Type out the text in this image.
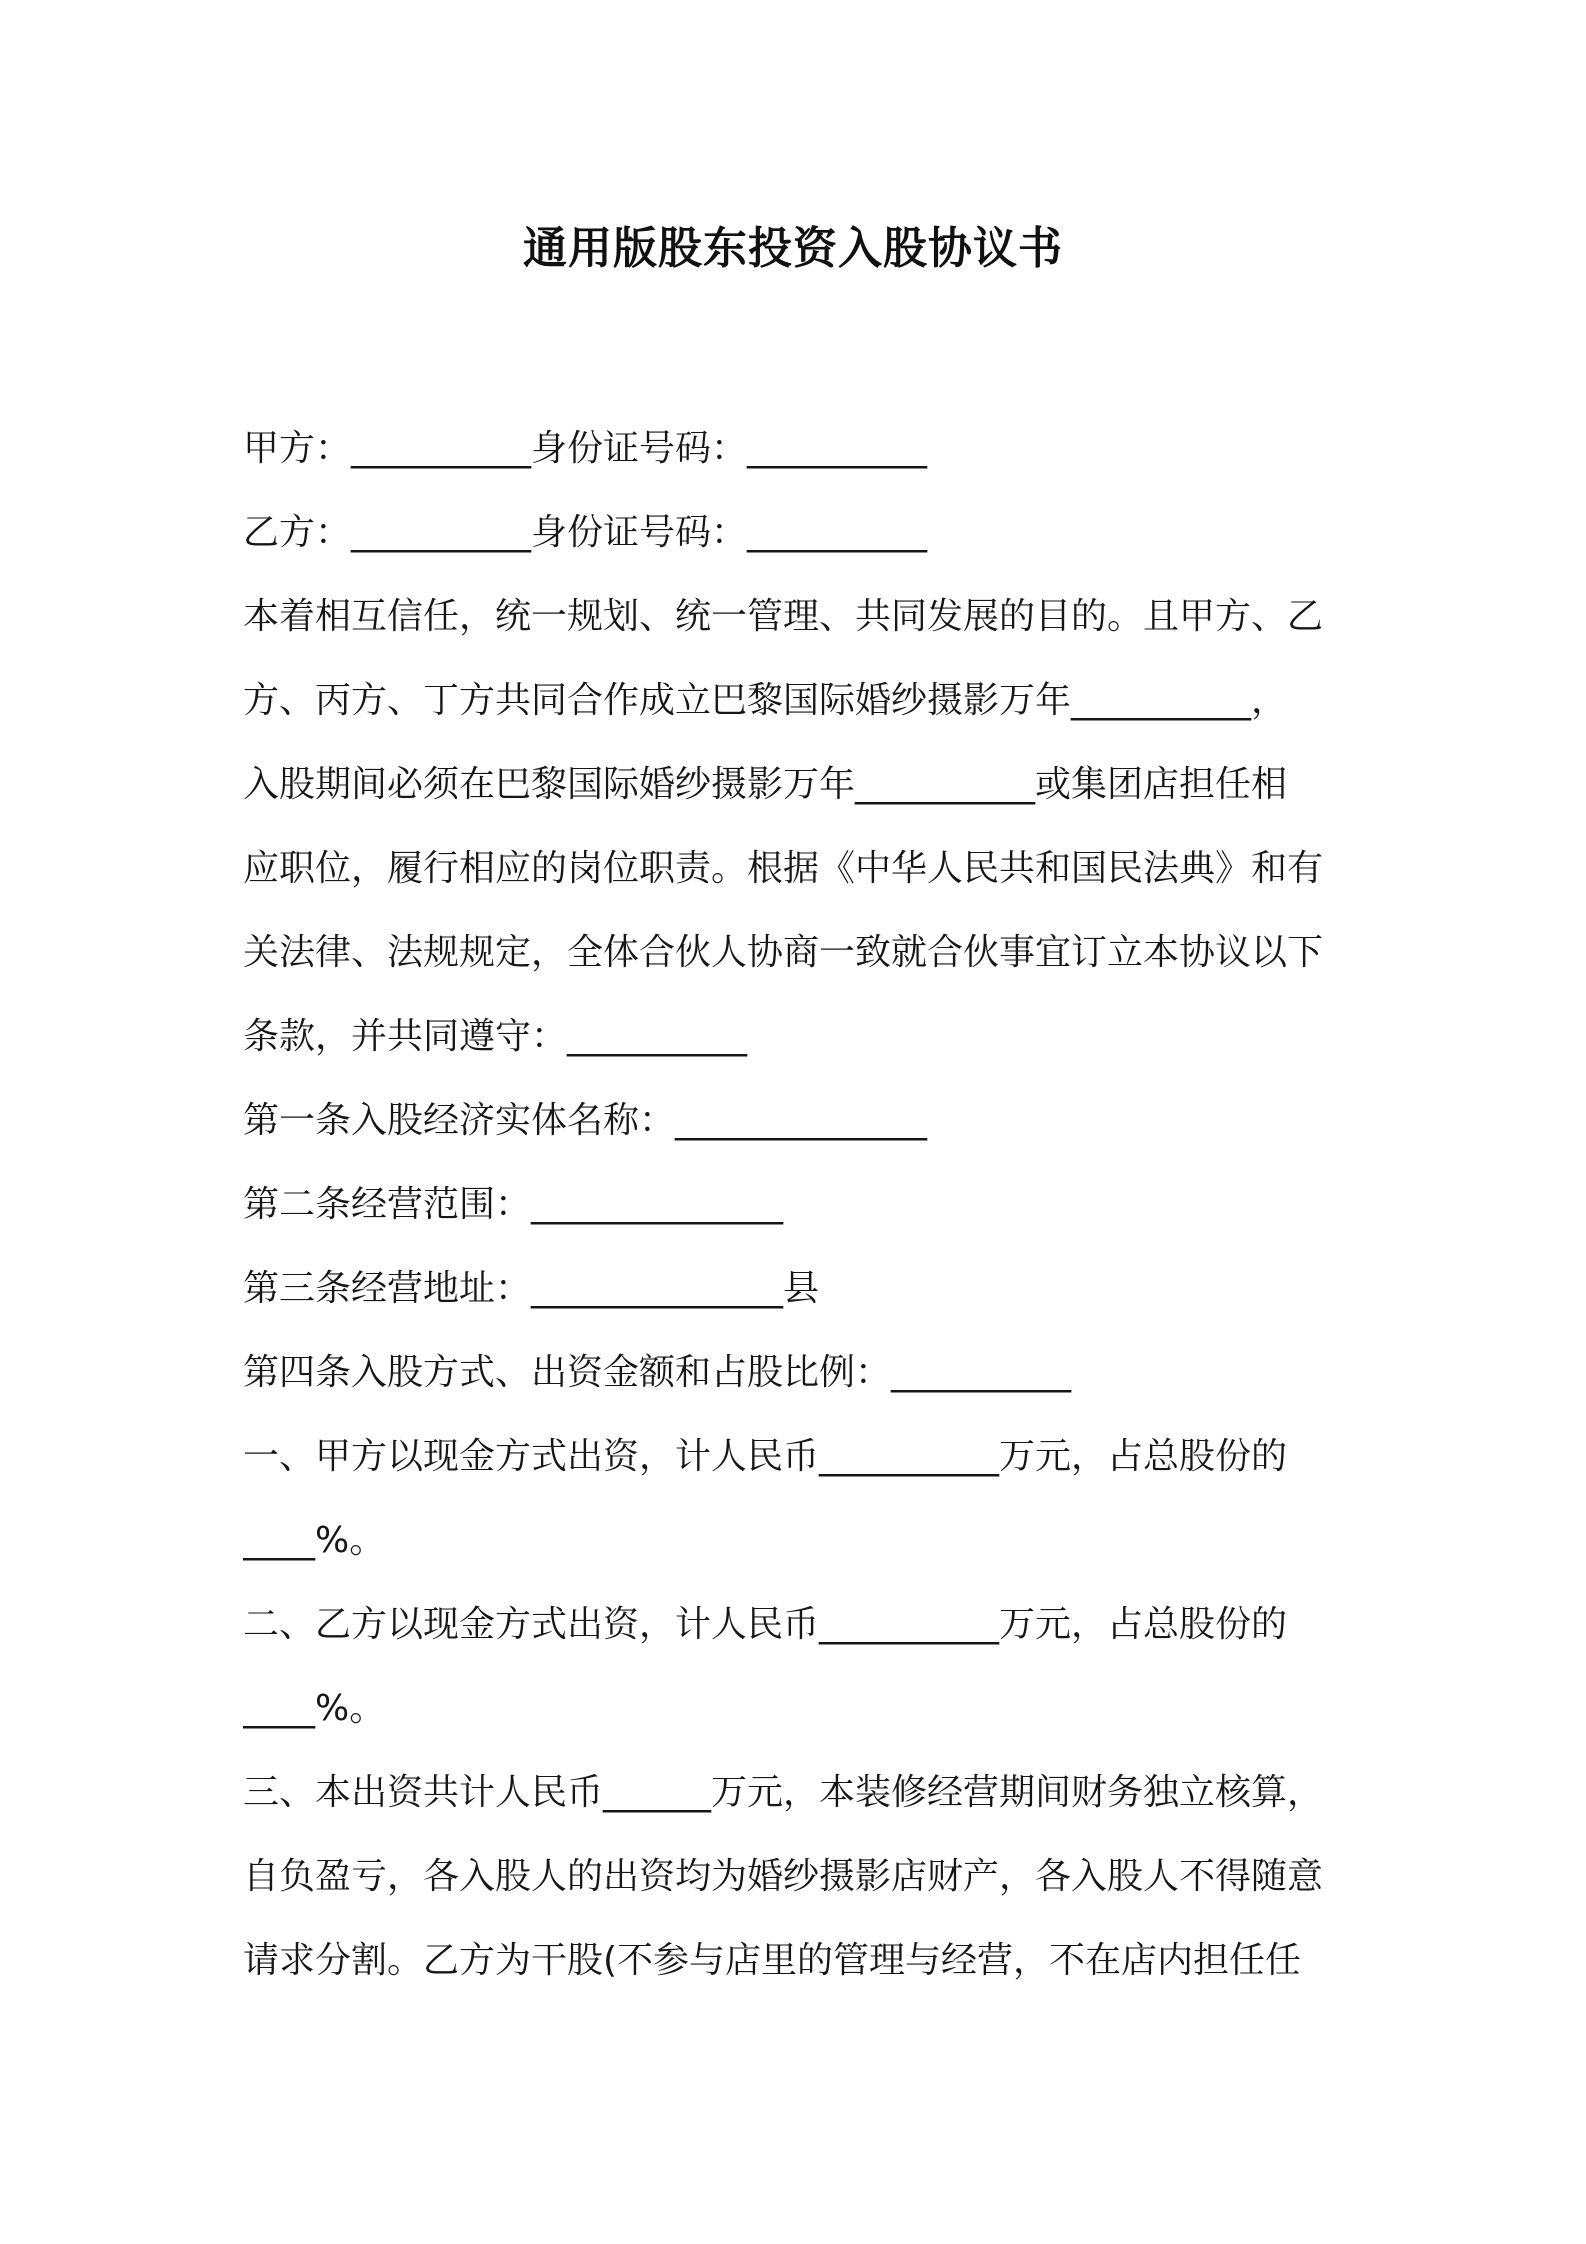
通用版股东投资入股协议书
甲方：__________身份证号码：__________
乙方：__________身份证号码：__________
本着相互信任，统一规划、统一管理、共同发展的目的。且甲方、乙
方、丙方、丁方共同合作成立巴黎国际婚纱摄影万年__________，
入股期间必须在巴黎国际婚纱摄影万年__________或集团店担任相
应职位，履行相应的岗位职责。根据《中华人民共和国民法典》和有
关法律、法规规定，全体合伙人协商一致就合伙事宜订立本协议以下
条款，并共同遵守：__________
第一条入股经济实体名称：______________
第二条经营范围：______________
第三条经营地址：______________县
第四条入股方式、出资金额和占股比例：__________
一、甲方以现金方式出资，计人民币__________万元，占总股份的
____%。
二、乙方以现金方式出资，计人民币__________万元，占总股份的
____%。
三、本出资共计人民币______万元，本装修经营期间财务独立核算，
自负盈亏，各入股人的出资均为婚纱摄影店财产，各入股人不得随意
请求分割。乙方为干股(不参与店里的管理与经营，不在店内担任任
